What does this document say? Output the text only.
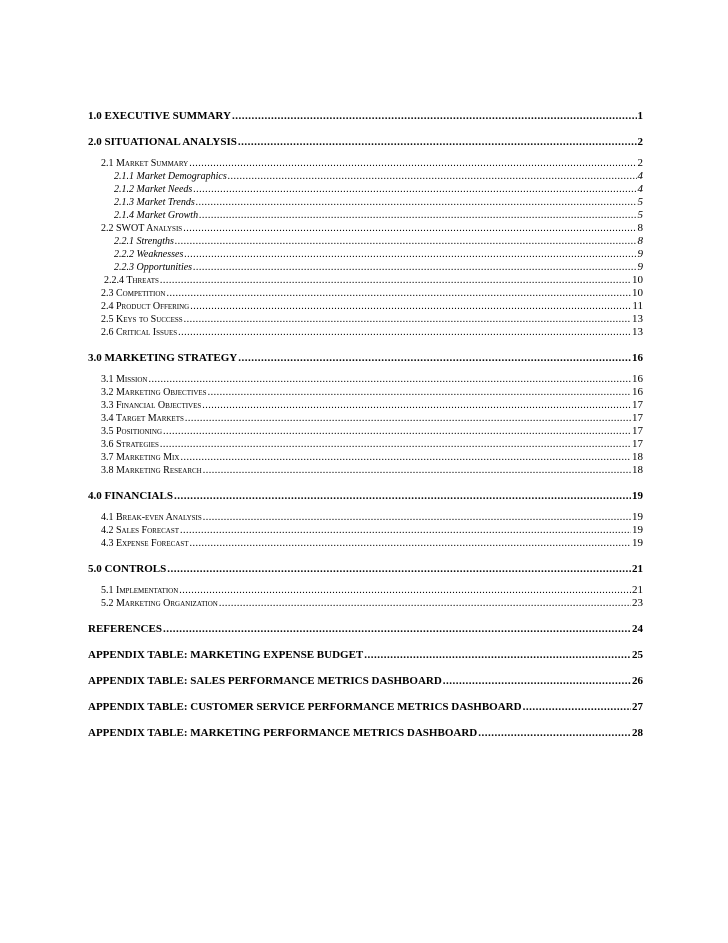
1.0 EXECUTIVE SUMMARY .....	1
2.0 SITUATIONAL ANALYSIS .....	2
2.1 Market Summary .....	2
2.1.1 Market Demographics .....	4
2.1.2 Market Needs .....	4
2.1.3 Market Trends .....	5
2.1.4 Market Growth .....	5
2.2 SWOT Analysis .....	8
2.2.1 Strengths .....	8
2.2.2 Weaknesses .....	9
2.2.3 Opportunities .....	9
2.2.4 Threats .....	10
2.3 Competition .....	10
2.4 Product Offering .....	11
2.5 Keys to Success .....	13
2.6 Critical Issues .....	13
3.0 MARKETING STRATEGY .....	16
3.1 Mission .....	16
3.2 Marketing Objectives .....	16
3.3 Financial Objectives .....	17
3.4 Target Markets .....	17
3.5 Positioning .....	17
3.6 Strategies .....	17
3.7 Marketing Mix .....	18
3.8 Marketing Research .....	18
4.0 FINANCIALS .....	19
4.1 Break-even Analysis .....	19
4.2 Sales Forecast .....	19
4.3 Expense Forecast .....	19
5.0 CONTROLS .....	21
5.1 Implementation .....	21
5.2 Marketing Organization .....	23
REFERENCES .....	24
APPENDIX TABLE: MARKETING EXPENSE BUDGET .....	25
APPENDIX TABLE: SALES PERFORMANCE METRICS DASHBOARD .....	26
APPENDIX TABLE: CUSTOMER SERVICE PERFORMANCE METRICS DASHBOARD .....	27
APPENDIX TABLE: MARKETING PERFORMANCE METRICS DASHBOARD .....	28
